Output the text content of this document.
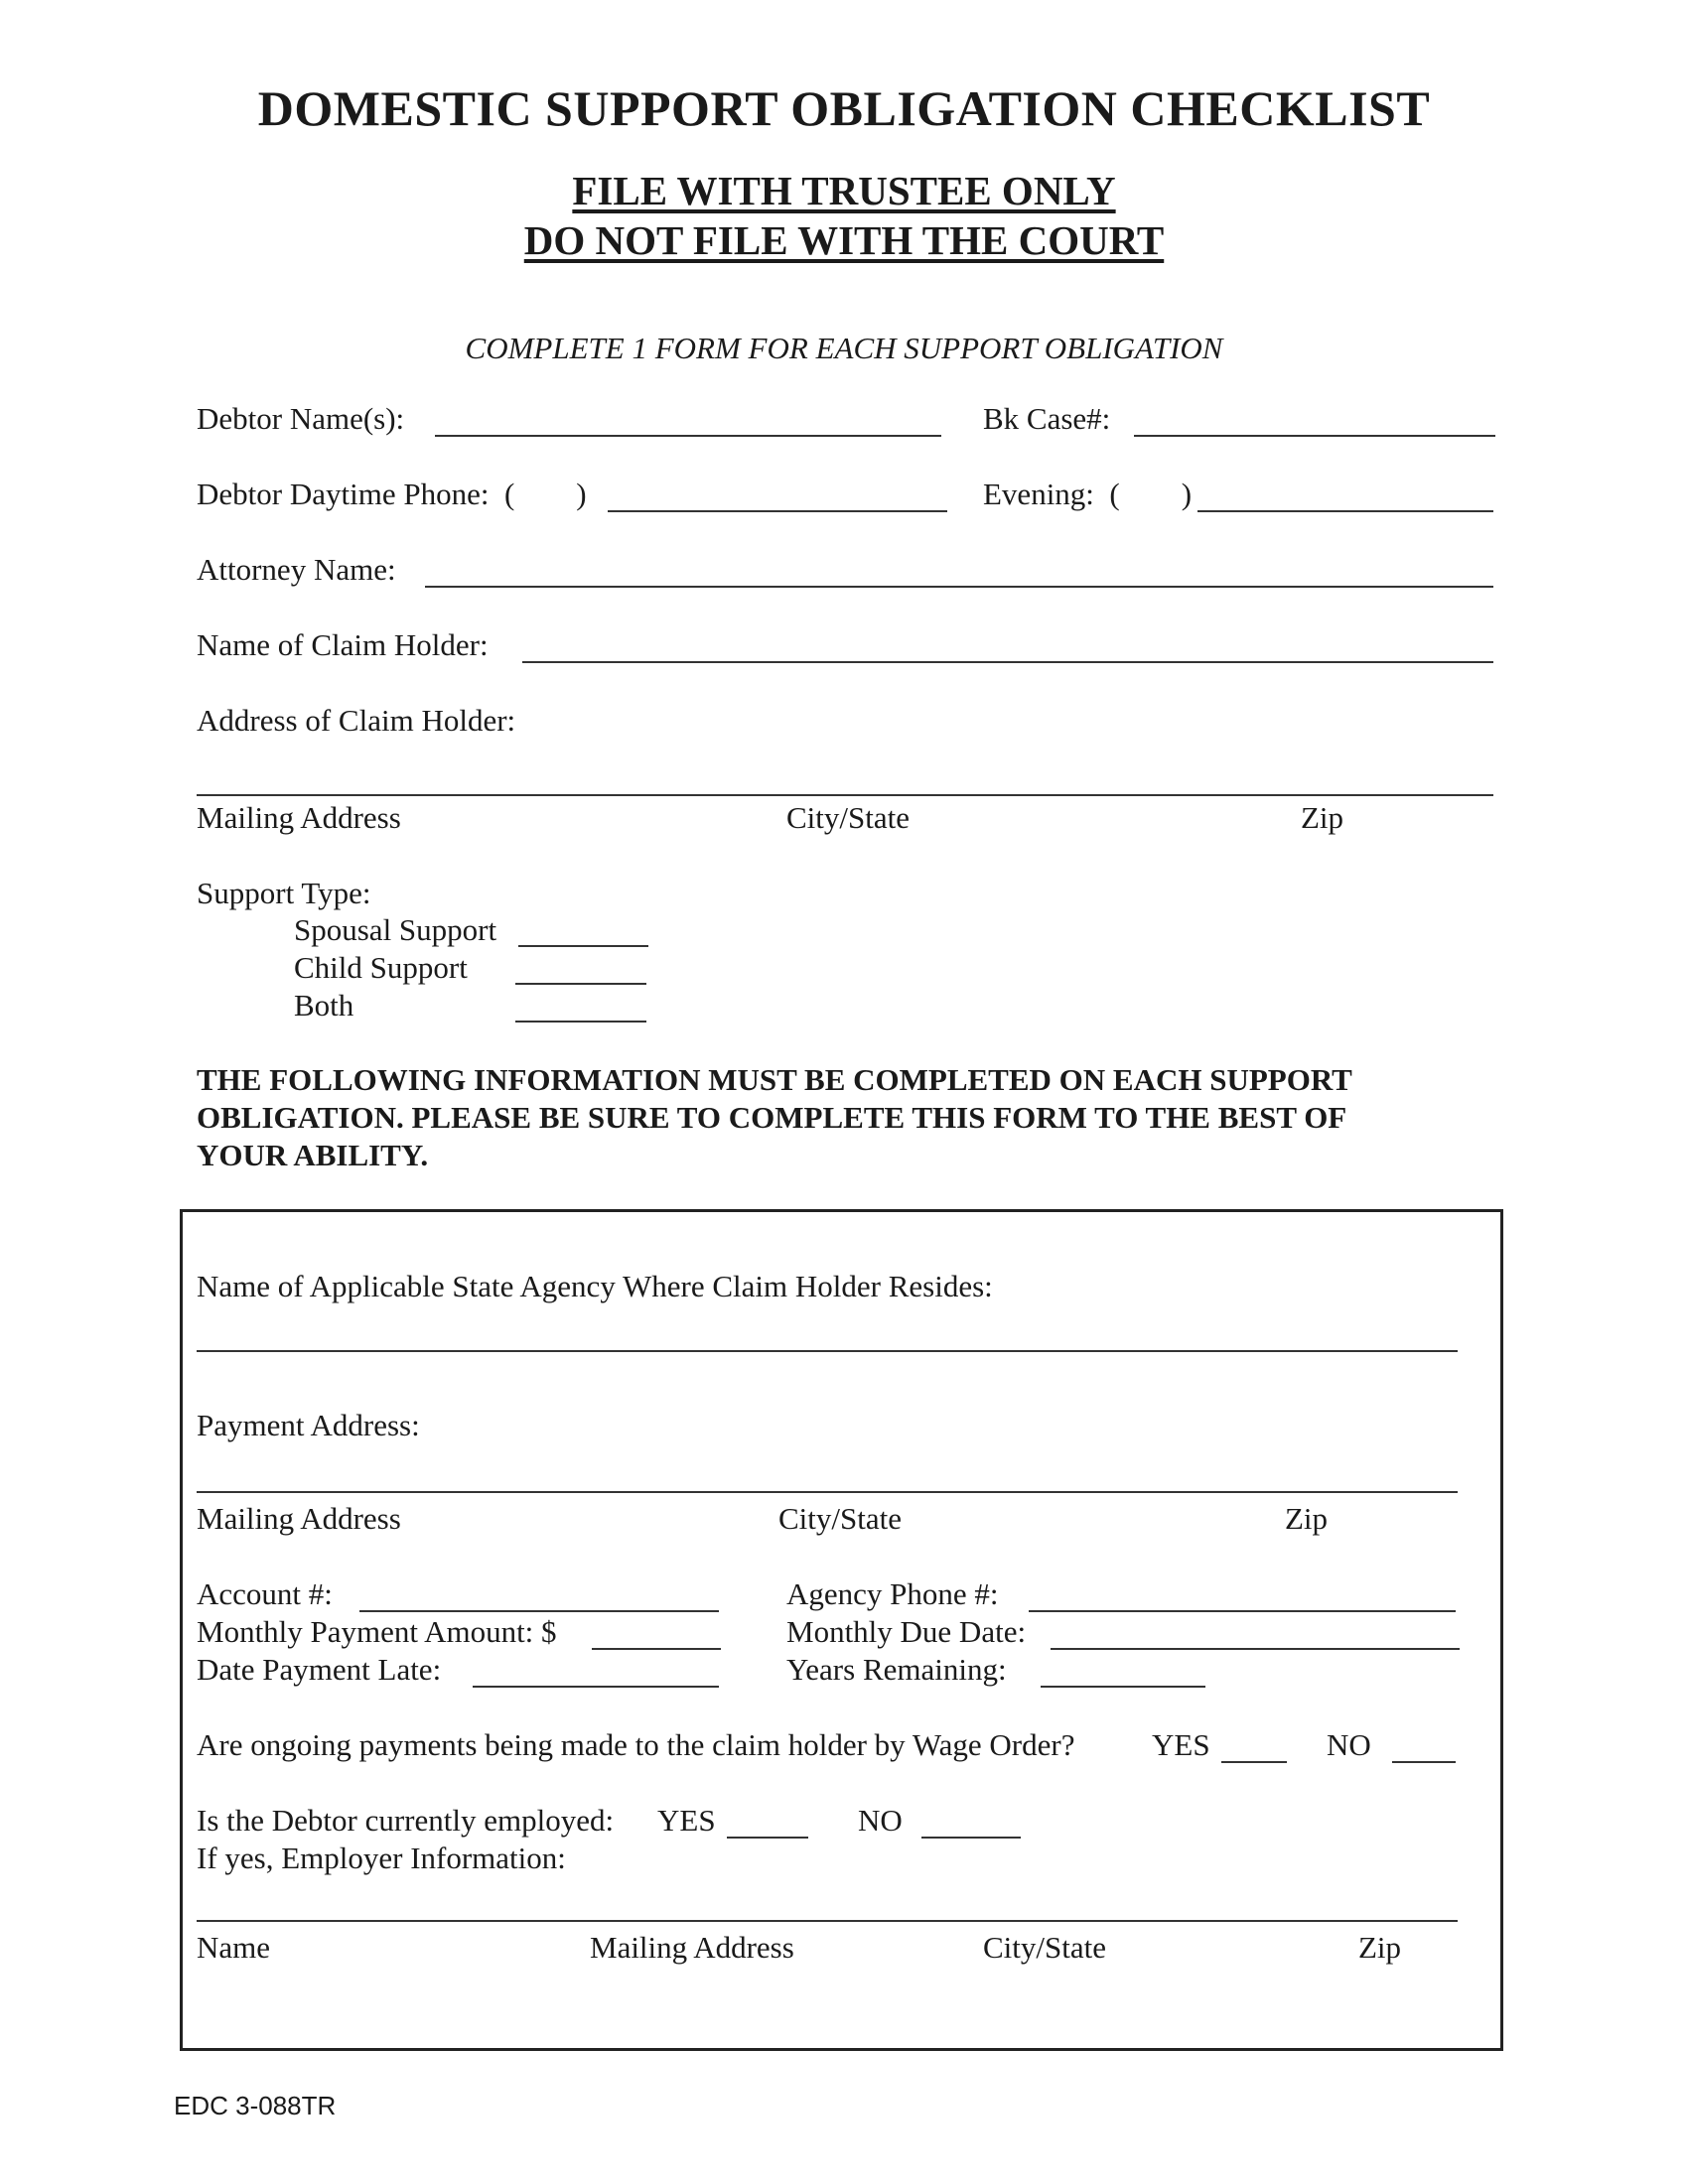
DOMESTIC SUPPORT OBLIGATION CHECKLIST
FILE WITH TRUSTEE ONLY
DO NOT FILE WITH THE COURT
COMPLETE 1 FORM FOR EACH SUPPORT OBLIGATION
Debtor Name(s):	Bk Case#:
Debtor Daytime Phone:  (        )	Evening:  (        )
Attorney Name:
Name of Claim Holder:
Address of Claim Holder:
Mailing Address	City/State	Zip
Support Type:
Spousal Support
Child Support
Both
THE FOLLOWING INFORMATION MUST BE COMPLETED ON EACH SUPPORT
OBLIGATION. PLEASE BE SURE TO COMPLETE THIS FORM TO THE BEST OF
YOUR ABILITY.
Name of Applicable State Agency Where Claim Holder Resides:
Payment Address:
Mailing Address	City/State	Zip
Account #:	Agency Phone #:
Monthly Payment Amount: $	Monthly Due Date:
Date Payment Late:	Years Remaining:
Are ongoing payments being made to the claim holder by Wage Order?	YES	NO
Is the Debtor currently employed: YES	NO
If yes, Employer Information:
Name	Mailing Address	City/State	Zip
EDC 3-088TR
